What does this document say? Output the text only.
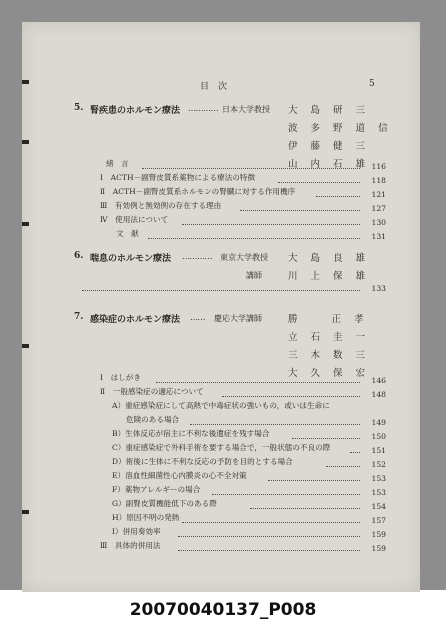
目　次	5
5. 腎疾患のホルモン療法 ………… 日本大学教授 大 島 研 三
波 多 野 道 信
伊 藤 健 三
山 内 石 雄
緒　言	116
Ⅰ　ACTH－副腎皮質系薬物による療法の特徴	118
Ⅱ　ACTH－副腎皮質系ホルモンの腎臓に対する作用機序	121
Ⅲ　有効例と無効例の存在する理由	127
Ⅳ　使用法について	130
文　献	131
6. 喘息のホルモン療法 ………… 東京大学教授 大 島 良 雄
講師	川 上 保 雄
133
7. 感染症のホルモン療法 …… 慶応大学講師	勝　　正 孝
立 石 圭 一
三 木 数 三
大 久 保 宏
Ⅰ　はしがき	146
Ⅱ　一般感染症の適応について	148
A）重症感染症にして高熱で中毒症状の強いもの，或いは生命に
危険のある場合	149
B）生体反応が宿主に不利な後遺症を残す場合	150
C）重症感染症で外科手術を要する場合で，一般状態の不良の際	151
D）術後に生体に不利な反応の予防を目的とする場合	152
E）溶血性細菌性心内膜炎の心不全対策	153
F）薬物アレルギーの場合	153
G）副腎皮質機能低下のある際	154
H）原因不明の発熱	157
I）併用奏効率	159
Ⅲ　具体的併用法	159
20070040137_P008
